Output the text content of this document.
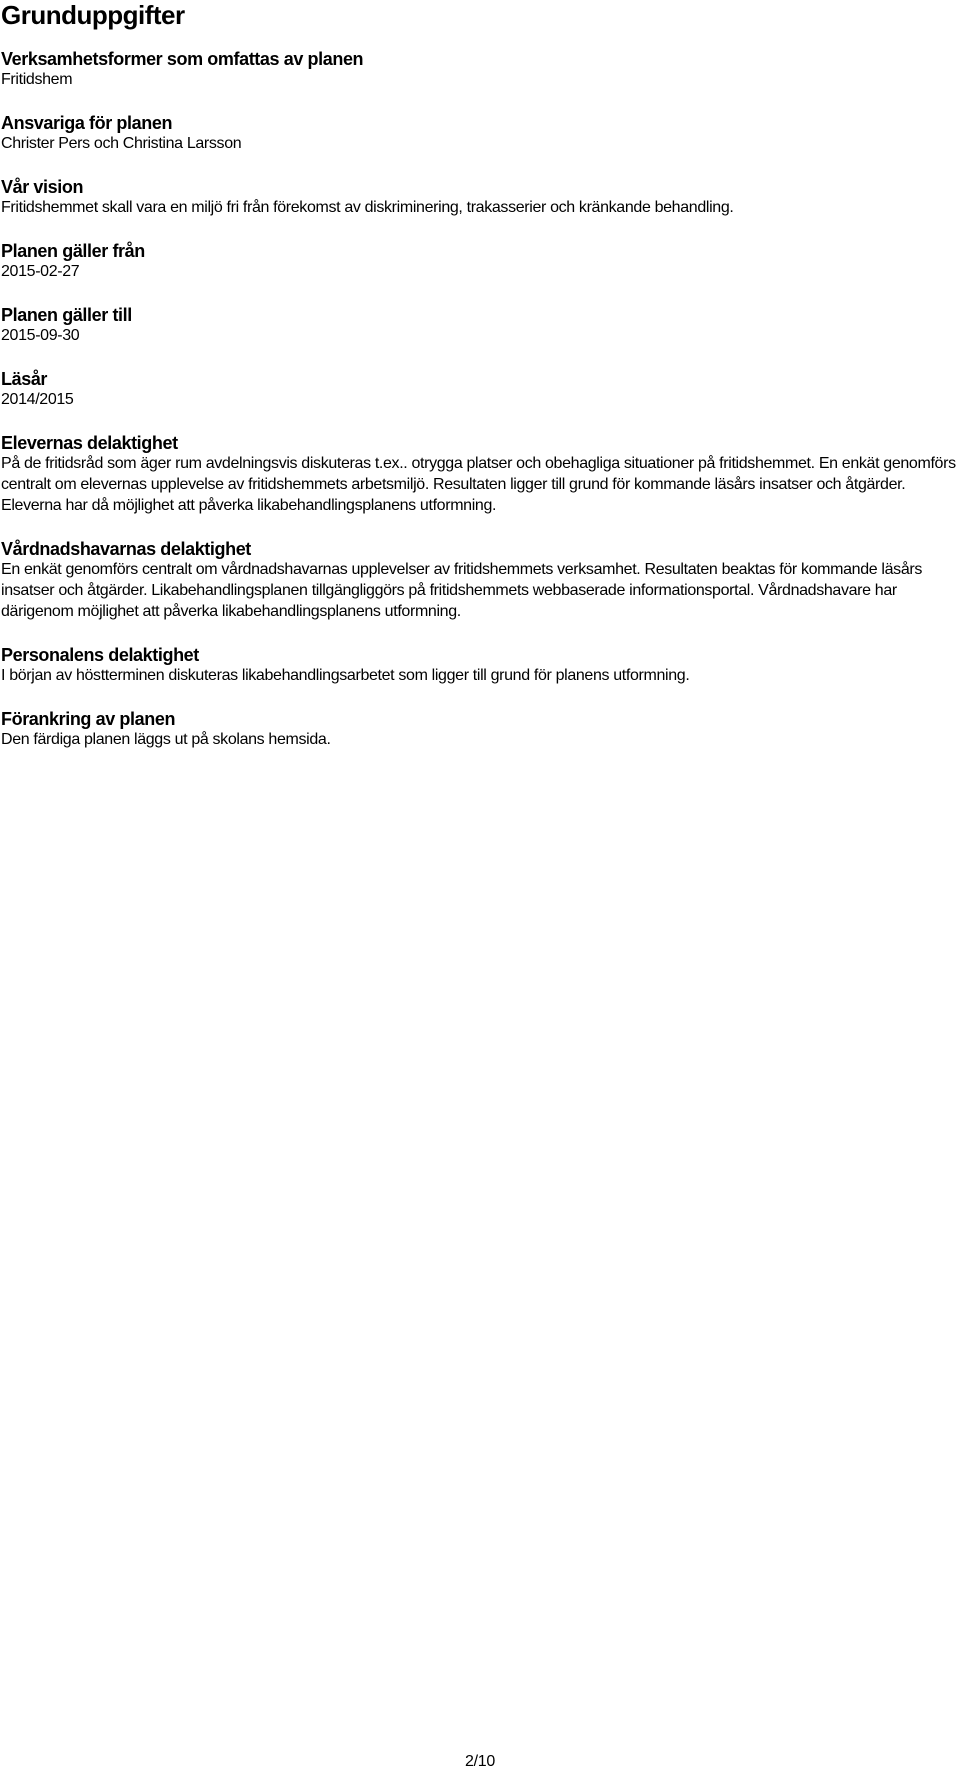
Grunduppgifter
Verksamhetsformer som omfattas av planen

Fritidshem

Ansvariga för planen

Christer Pers och Christina Larsson

Vår vision

Fritidshemmet skall vara en miljö fri från förekomst av diskriminering, trakasserier och kränkande behandling.

Planen gäller från

2015-02-27

Planen gäller till

2015-09-30

Läsår

2014/2015

Elevernas delaktighet

På de fritidsråd som äger rum avdelningsvis diskuteras t.ex.. otrygga platser och obehagliga situationer på fritidshemmet. En enkät genomförs centralt om elevernas upplevelse av fritidshemmets arbetsmiljö. Resultaten ligger till grund för kommande läsårs insatser och åtgärder. Eleverna har då möjlighet att påverka likabehandlingsplanens utformning.

Vårdnadshavarnas delaktighet

En enkät genomförs centralt om vårdnadshavarnas upplevelser av fritidshemmets verksamhet. Resultaten beaktas för kommande läsårs insatser och åtgärder. Likabehandlingsplanen tillgängliggörs på fritidshemmets webbaserade informationsportal. Vårdnadshavare har därigenom möjlighet att påverka likabehandlingsplanens utformning.

Personalens delaktighet

I början av höstterminen diskuteras likabehandlingsarbetet som ligger till grund för planens utformning.

Förankring av planen

Den färdiga planen läggs ut på skolans hemsida.

2/10
